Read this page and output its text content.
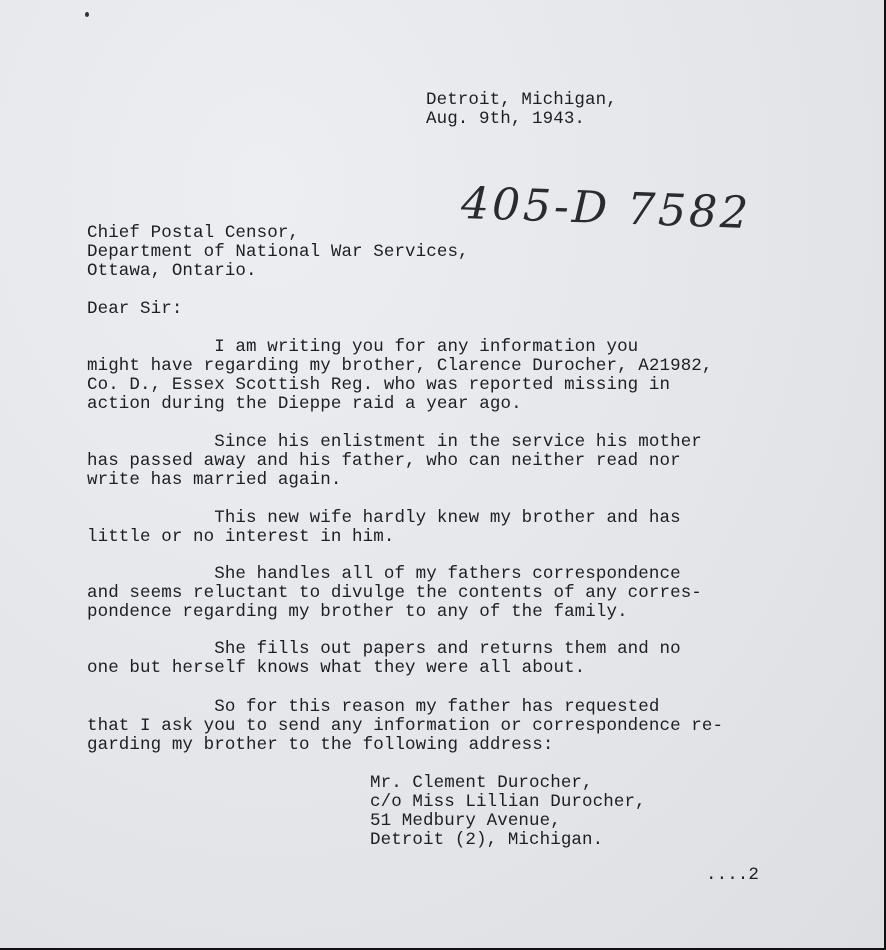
Detroit, Michigan,
Aug. 9th, 1943.
405-D 7582
Chief Postal Censor,
Department of National War Services,
Ottawa, Ontario.
Dear Sir:
I am writing you for any information you
might have regarding my brother, Clarence Durocher, A21982,
Co. D., Essex Scottish Reg. who was reported missing in
action during the Dieppe raid a year ago.
Since his enlistment in the service his mother
has passed away and his father, who can neither read nor
write has married again.
This new wife hardly knew my brother and has
little or no interest in him.
She handles all of my fathers correspondence
and seems reluctant to divulge the contents of any corres-
pondence regarding my brother to any of the family.
She fills out papers and returns them and no
one but herself knows what they were all about.
So for this reason my father has requested
that I ask you to send any information or correspondence re-
garding my brother to the following address:
Mr. Clement Durocher,
c/o Miss Lillian Durocher,
51 Medbury Avenue,
Detroit (2), Michigan.
....2
